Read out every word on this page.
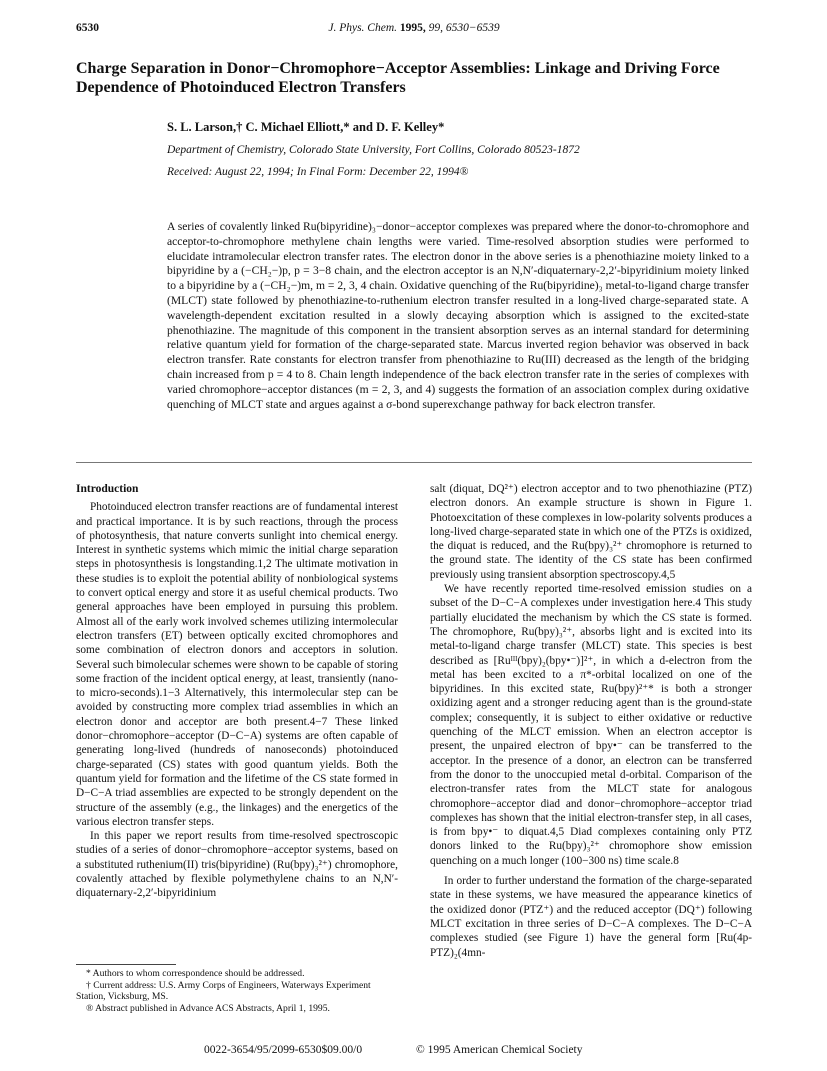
6530	J. Phys. Chem. 1995, 99, 6530−6539
Charge Separation in Donor−Chromophore−Acceptor Assemblies: Linkage and Driving Force Dependence of Photoinduced Electron Transfers
S. L. Larson,† C. Michael Elliott,* and D. F. Kelley*
Department of Chemistry, Colorado State University, Fort Collins, Colorado 80523-1872
Received: August 22, 1994; In Final Form: December 22, 1994®
A series of covalently linked Ru(bipyridine)₃−donor−acceptor complexes was prepared where the donor-to-chromophore and acceptor-to-chromophore methylene chain lengths were varied. Time-resolved absorption studies were performed to elucidate intramolecular electron transfer rates. The electron donor in the above series is a phenothiazine moiety linked to a bipyridine by a (−CH₂−)p, p = 3−8 chain, and the electron acceptor is an N,N′-diquaternary-2,2′-bipyridinium moiety linked to a bipyridine by a (−CH₂−)m, m = 2, 3, 4 chain. Oxidative quenching of the Ru(bipyridine)₃ metal-to-ligand charge transfer (MLCT) state followed by phenothiazine-to-ruthenium electron transfer resulted in a long-lived charge-separated state. A wavelength-dependent excitation resulted in a slowly decaying absorption which is assigned to the excited-state phenothiazine. The magnitude of this component in the transient absorption serves as an internal standard for determining relative quantum yield for formation of the charge-separated state. Marcus inverted region behavior was observed in back electron transfer. Rate constants for electron transfer from phenothiazine to Ru(III) decreased as the length of the bridging chain increased from p = 4 to 8. Chain length independence of the back electron transfer rate in the series of complexes with varied chromophore−acceptor distances (m = 2, 3, and 4) suggests the formation of an association complex during oxidative quenching of MLCT state and argues against a σ-bond superexchange pathway for back electron transfer.
Introduction

Photoinduced electron transfer reactions are of fundamental interest and practical importance. It is by such reactions, through the process of photosynthesis, that nature converts sunlight into chemical energy. Interest in synthetic systems which mimic the initial charge separation steps in photosynthesis is longstanding.1,2 The ultimate motivation in these studies is to exploit the potential ability of nonbiological systems to convert optical energy and store it as useful chemical products. Two general approaches have been employed in pursuing this problem. Almost all of the early work involved schemes utilizing intermolecular electron transfers (ET) between optically excited chromophores and some combination of electron donors and acceptors in solution. Several such bimolecular schemes were shown to be capable of storing some fraction of the incident optical energy, at least, transiently (nano- to micro-seconds).1−3 Alternatively, this intermolecular step can be avoided by constructing more complex triad assemblies in which an electron donor and acceptor are both present.4−7 These linked donor−chromophore−acceptor (D−C−A) systems are often capable of generating long-lived (hundreds of nanoseconds) photoinduced charge-separated (CS) states with good quantum yields. Both the quantum yield for formation and the lifetime of the CS state formed in D−C−A triad assemblies are expected to be strongly dependent on the structure of the assembly (e.g., the linkages) and the energetics of the various electron transfer steps.

In this paper we report results from time-resolved spectroscopic studies of a series of donor−chromophore−acceptor systems, based on a substituted ruthenium(II) tris(bipyridine) (Ru(bpy)₃²⁺) chromophore, covalently attached by flexible polymethylene chains to an N,N′-diquaternary-2,2′-bipyridinium

salt (diquat, DQ²⁺) electron acceptor and to two phenothiazine (PTZ) electron donors. An example structure is shown in Figure 1. Photoexcitation of these complexes in low-polarity solvents produces a long-lived charge-separated state in which one of the PTZs is oxidized, the diquat is reduced, and the Ru(bpy)₃²⁺ chromophore is returned to the ground state. The identity of the CS state has been confirmed previously using transient absorption spectroscopy.4,5

We have recently reported time-resolved emission studies on a subset of the D−C−A complexes under investigation here.4 This study partially elucidated the mechanism by which the CS state is formed. The chromophore, Ru(bpy)₃²⁺, absorbs light and is excited into its metal-to-ligand charge transfer (MLCT) state. This species is best described as [Ruᴵᴵᴵ(bpy)₂(bpy•⁻)]²⁺, in which a d-electron from the metal has been excited to a π*-orbital localized on one of the bipyridines. In this excited state, Ru(bpy)²⁺* is both a stronger oxidizing agent and a stronger reducing agent than is the ground-state complex; consequently, it is subject to either oxidative or reductive quenching of the MLCT emission. When an electron acceptor is present, the unpaired electron of bpy•⁻ can be transferred to the acceptor. In the presence of a donor, an electron can be transferred from the donor to the unoccupied metal d-orbital. Comparison of the electron-transfer rates from the MLCT state for analogous chromophore−acceptor diad and donor−chromophore−acceptor triad complexes has shown that the initial electron-transfer step, in all cases, is from bpy•⁻ to diquat.4,5 Diad complexes containing only PTZ donors linked to the Ru(bpy)₃²⁺ chromophore show emission quenching on a much longer (100−300 ns) time scale.8

In order to further understand the formation of the charge-separated state in these systems, we have measured the appearance kinetics of the oxidized donor (PTZ⁺) and the reduced acceptor (DQ⁺) following MLCT excitation in three series of D−C−A complexes. The D−C−A complexes studied (see Figure 1) have the general form [Ru(4p-PTZ)₂(4mn-

* Authors to whom correspondence should be addressed.
† Current address: U.S. Army Corps of Engineers, Waterways Experiment Station, Vicksburg, MS.
® Abstract published in Advance ACS Abstracts, April 1, 1995.
0022-3654/95/2099-6530$09.00/0	© 1995 American Chemical Society
